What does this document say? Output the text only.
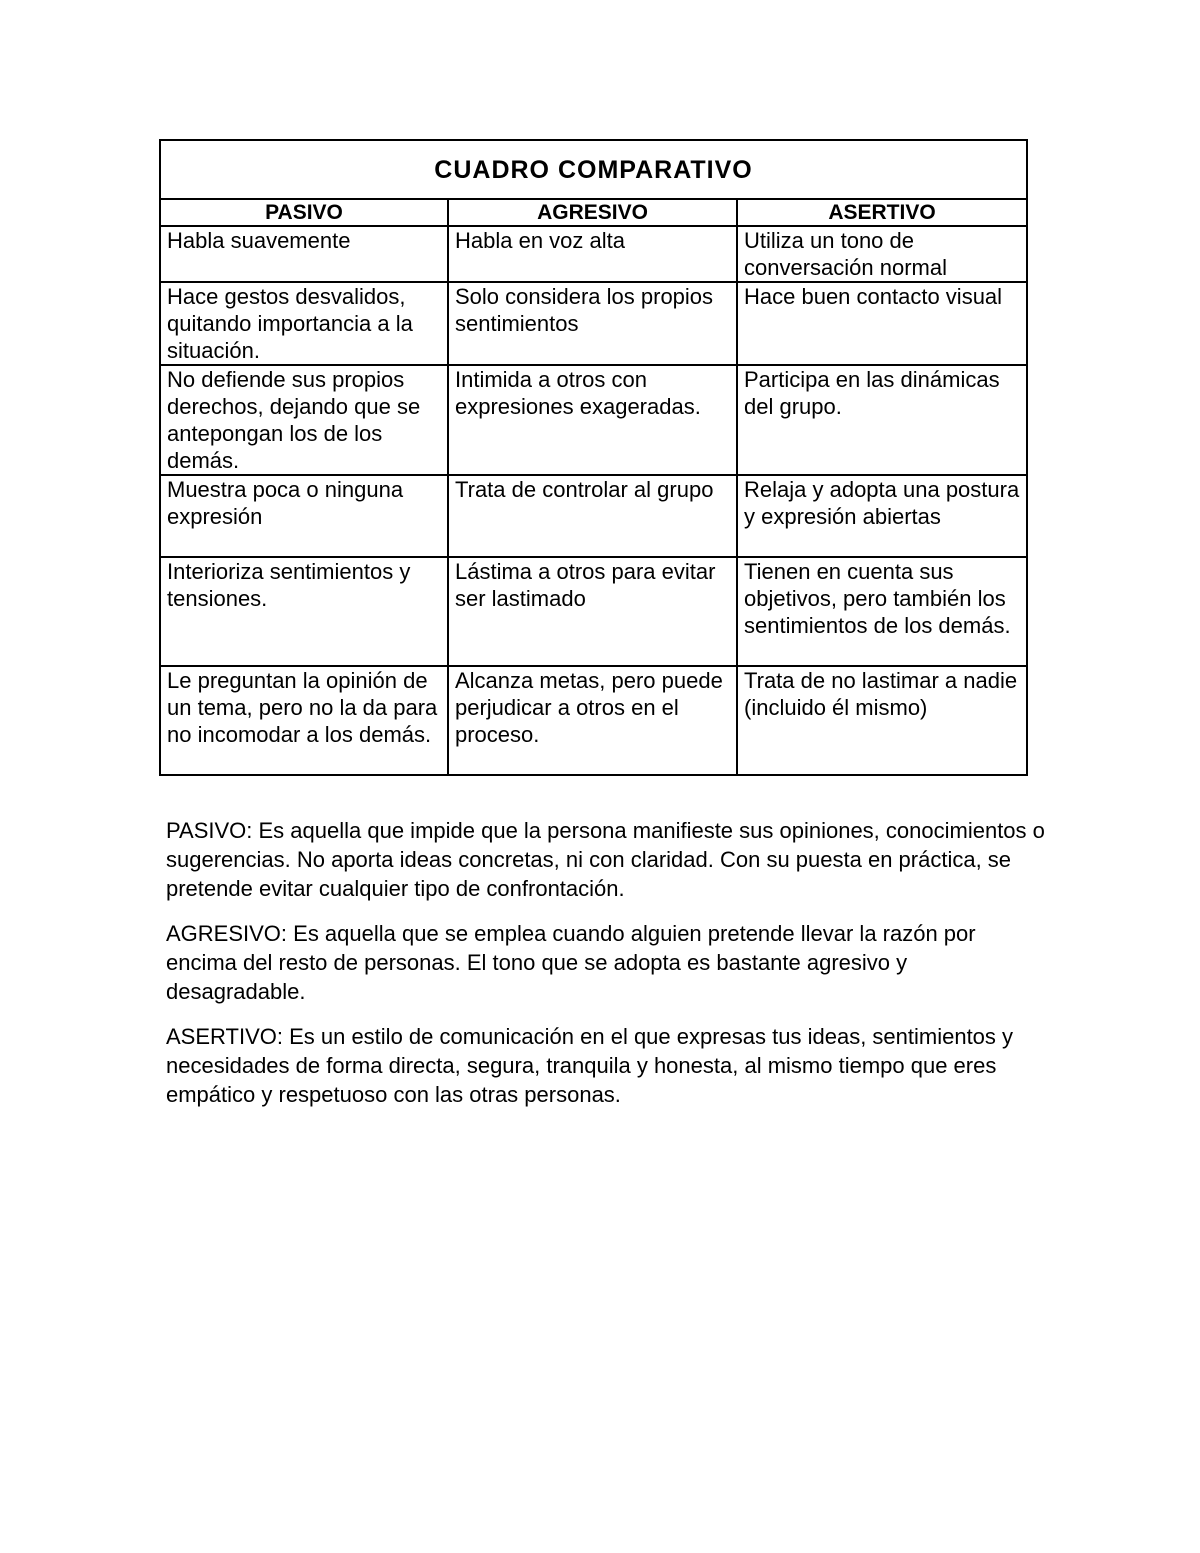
CUADRO COMPARATIVO		
PASIVO	AGRESIVO	ASERTIVO
Habla suavemente	Habla en voz alta	Utiliza un tono de conversación normal
Hace gestos desvalidos, quitando importancia a la situación.	Solo considera los propios sentimientos	Hace buen contacto visual
No defiende sus propios derechos, dejando que se antepongan los de los demás.	Intimida a otros con expresiones exageradas.	Participa en las dinámicas del grupo.
Muestra poca o ninguna expresión	Trata de controlar al grupo	Relaja y adopta una postura y expresión abiertas
Interioriza sentimientos y tensiones.	Lástima a otros para evitar ser lastimado	Tienen en cuenta sus objetivos, pero también los sentimientos de los demás.
Le preguntan la opinión de un tema, pero no la da para no incomodar a los demás.	Alcanza metas, pero puede perjudicar a otros en el proceso.	Trata de no lastimar a nadie (incluido él mismo)

PASIVO: Es aquella que impide que la persona manifieste sus opiniones, conocimientos o sugerencias. No aporta ideas concretas, ni con claridad. Con su puesta en práctica, se pretende evitar cualquier tipo de confrontación.

AGRESIVO: Es aquella que se emplea cuando alguien pretende llevar la razón por encima del resto de personas. El tono que se adopta es bastante agresivo y desagradable.

ASERTIVO: Es un estilo de comunicación en el que expresas tus ideas, sentimientos y necesidades de forma directa, segura, tranquila y honesta, al mismo tiempo que eres empático y respetuoso con las otras personas.
